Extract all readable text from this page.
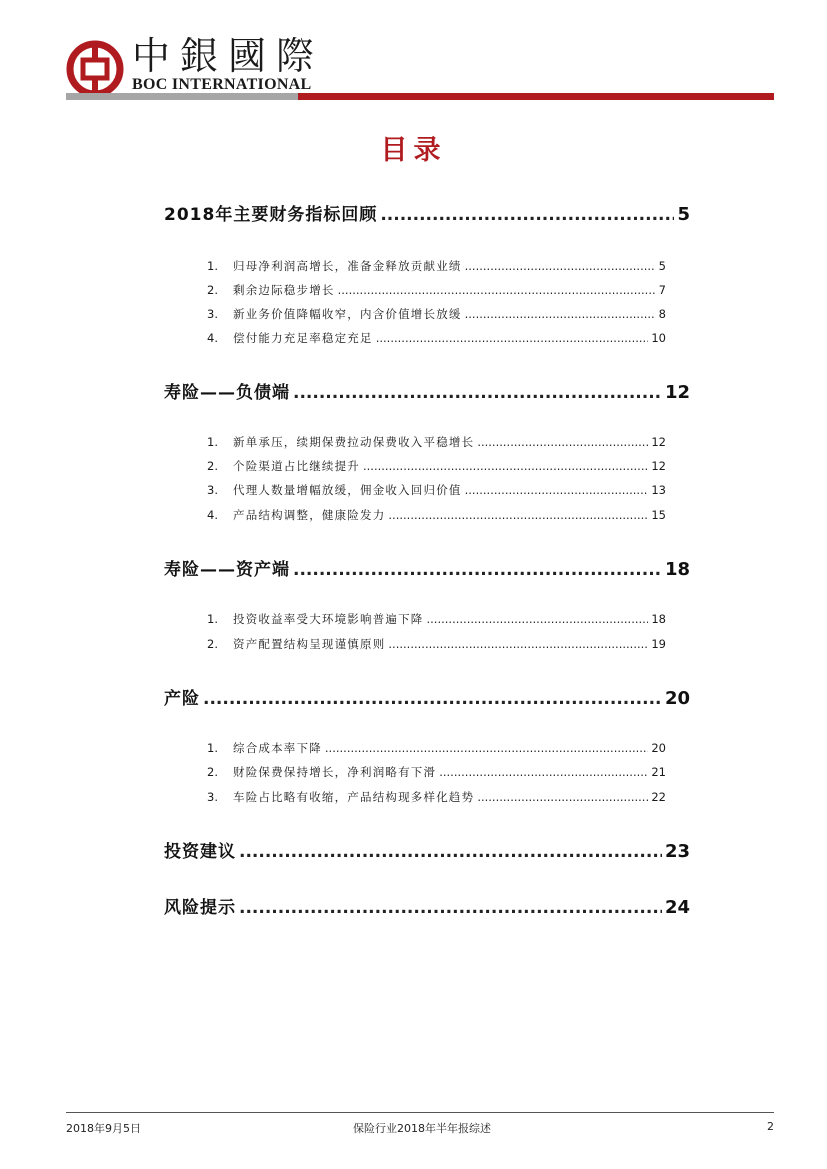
中銀國際
BOC INTERNATIONAL
目录
2018年主要财务指标回顾 .....	5
1.	归母净利润高增长，准备金释放贡献业绩 .....	5
2.	剩余边际稳步增长 .....	7
3.	新业务价值降幅收窄，内含价值增长放缓 .....	8
4.	偿付能力充足率稳定充足 .....	10
寿险——负债端 .....	12
1.	新单承压，续期保费拉动保费收入平稳增长 .....	12
2.	个险渠道占比继续提升 .....	12
3.	代理人数量增幅放缓，佣金收入回归价值 .....	13
4.	产品结构调整，健康险发力 .....	15
寿险——资产端 .....	18
1.	投资收益率受大环境影响普遍下降 .....	18
2.	资产配置结构呈现谨慎原则 .....	19
产险 .....	20
1.	综合成本率下降 .....	20
2.	财险保费保持增长，净利润略有下滑 .....	21
3.	车险占比略有收缩，产品结构现多样化趋势 .....	22
投资建议 .....	23
风险提示 .....	24
2018年9月5日	保险行业2018年半年报综述	2
